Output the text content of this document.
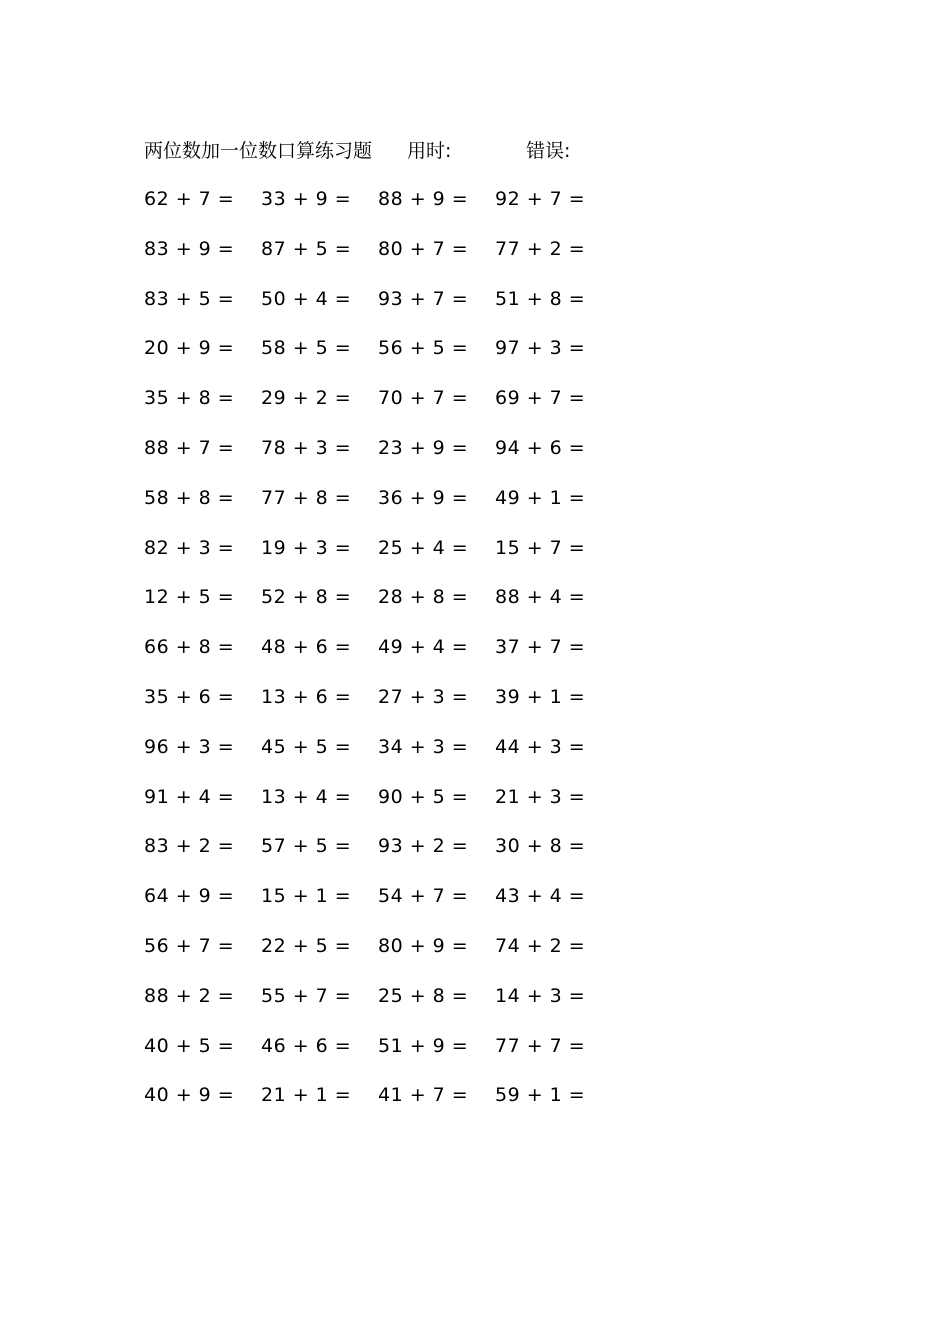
两位数加一位数口算练习题 用时:	错误:
62 + 7 =	33 + 9 =	88 + 9 =	92 + 7 =
83 + 9 =	87 + 5 =	80 + 7 =	77 + 2 =
83 + 5 =	50 + 4 =	93 + 7 =	51 + 8 =
20 + 9 =	58 + 5 =	56 + 5 =	97 + 3 =
35 + 8 =	29 + 2 =	70 + 7 =	69 + 7 =
88 + 7 =	78 + 3 =	23 + 9 =	94 + 6 =
58 + 8 =	77 + 8 =	36 + 9 =	49 + 1 =
82 + 3 =	19 + 3 =	25 + 4 =	15 + 7 =
12 + 5 =	52 + 8 =	28 + 8 =	88 + 4 =
66 + 8 =	48 + 6 =	49 + 4 =	37 + 7 =
35 + 6 =	13 + 6 =	27 + 3 =	39 + 1 =
96 + 3 =	45 + 5 =	34 + 3 =	44 + 3 =
91 + 4 =	13 + 4 =	90 + 5 =	21 + 3 =
83 + 2 =	57 + 5 =	93 + 2 =	30 + 8 =
64 + 9 =	15 + 1 =	54 + 7 =	43 + 4 =
56 + 7 =	22 + 5 =	80 + 9 =	74 + 2 =
88 + 2 =	55 + 7 =	25 + 8 =	14 + 3 =
40 + 5 =	46 + 6 =	51 + 9 =	77 + 7 =
40 + 9 =	21 + 1 =	41 + 7 =	59 + 1 =
